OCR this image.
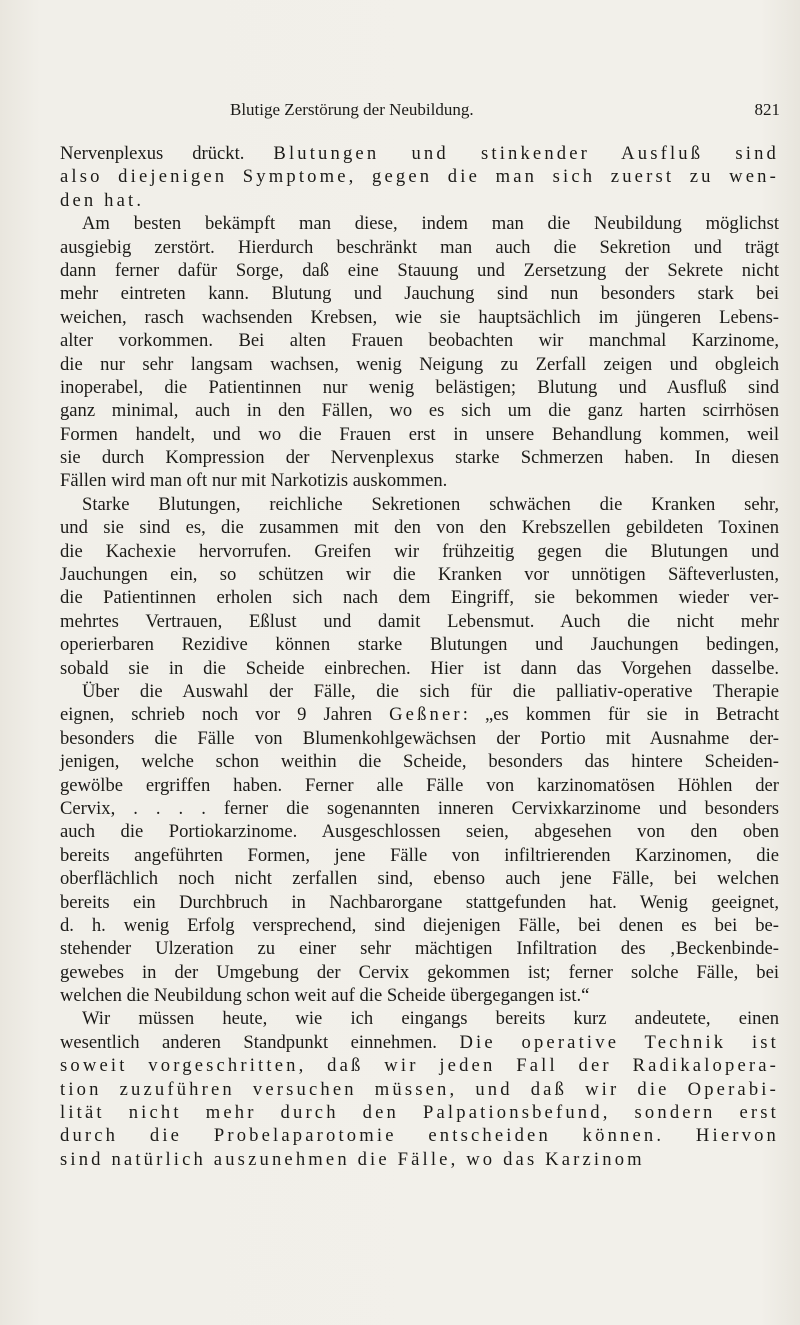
Blutige Zerstörung der Neubildung.	821
Nervenplexus drückt. Blutungen und stinkender Ausfluß sind
also diejenigen Symptome, gegen die man sich zuerst zu wen-
den hat.
Am besten bekämpft man diese, indem man die Neubildung möglichst
ausgiebig zerstört. Hierdurch beschränkt man auch die Sekretion und trägt
dann ferner dafür Sorge, daß eine Stauung und Zersetzung der Sekrete nicht
mehr eintreten kann. Blutung und Jauchung sind nun besonders stark bei
weichen, rasch wachsenden Krebsen, wie sie hauptsächlich im jüngeren Lebens-
alter vorkommen. Bei alten Frauen beobachten wir manchmal Karzinome,
die nur sehr langsam wachsen, wenig Neigung zu Zerfall zeigen und obgleich
inoperabel, die Patientinnen nur wenig belästigen; Blutung und Ausfluß sind
ganz minimal, auch in den Fällen, wo es sich um die ganz harten scirrhösen
Formen handelt, und wo die Frauen erst in unsere Behandlung kommen, weil
sie durch Kompression der Nervenplexus starke Schmerzen haben. In diesen
Fällen wird man oft nur mit Narkotizis auskommen.
Starke Blutungen, reichliche Sekretionen schwächen die Kranken sehr,
und sie sind es, die zusammen mit den von den Krebszellen gebildeten Toxinen
die Kachexie hervorrufen. Greifen wir frühzeitig gegen die Blutungen und
Jauchungen ein, so schützen wir die Kranken vor unnötigen Säfteverlusten,
die Patientinnen erholen sich nach dem Eingriff, sie bekommen wieder ver-
mehrtes Vertrauen, Eßlust und damit Lebensmut. Auch die nicht mehr
operierbaren Rezidive können starke Blutungen und Jauchungen bedingen,
sobald sie in die Scheide einbrechen. Hier ist dann das Vorgehen dasselbe.
Über die Auswahl der Fälle, die sich für die palliativ-operative Therapie
eignen, schrieb noch vor 9 Jahren Geßner: „es kommen für sie in Betracht
besonders die Fälle von Blumenkohlgewächsen der Portio mit Ausnahme der-
jenigen, welche schon weithin die Scheide, besonders das hintere Scheiden-
gewölbe ergriffen haben. Ferner alle Fälle von karzinomatösen Höhlen der
Cervix, . . . . ferner die sogenannten inneren Cervixkarzinome und besonders
auch die Portiokarzinome. Ausgeschlossen seien, abgesehen von den oben
bereits angeführten Formen, jene Fälle von infiltrierenden Karzinomen, die
oberflächlich noch nicht zerfallen sind, ebenso auch jene Fälle, bei welchen
bereits ein Durchbruch in Nachbarorgane stattgefunden hat. Wenig geeignet,
d. h. wenig Erfolg versprechend, sind diejenigen Fälle, bei denen es bei be-
stehender Ulzeration zu einer sehr mächtigen Infiltration des ‚Beckenbinde-
gewebes in der Umgebung der Cervix gekommen ist; ferner solche Fälle, bei
welchen die Neubildung schon weit auf die Scheide übergegangen ist.“
Wir müssen heute, wie ich eingangs bereits kurz andeutete, einen
wesentlich anderen Standpunkt einnehmen. Die operative Technik ist
soweit vorgeschritten, daß wir jeden Fall der Radikalopera-
tion zuzuführen versuchen müssen, und daß wir die Operabi-
lität nicht mehr durch den Palpationsbefund, sondern erst
durch die Probelaparotomie entscheiden können. Hiervon
sind natürlich auszunehmen die Fälle, wo das Karzinom
